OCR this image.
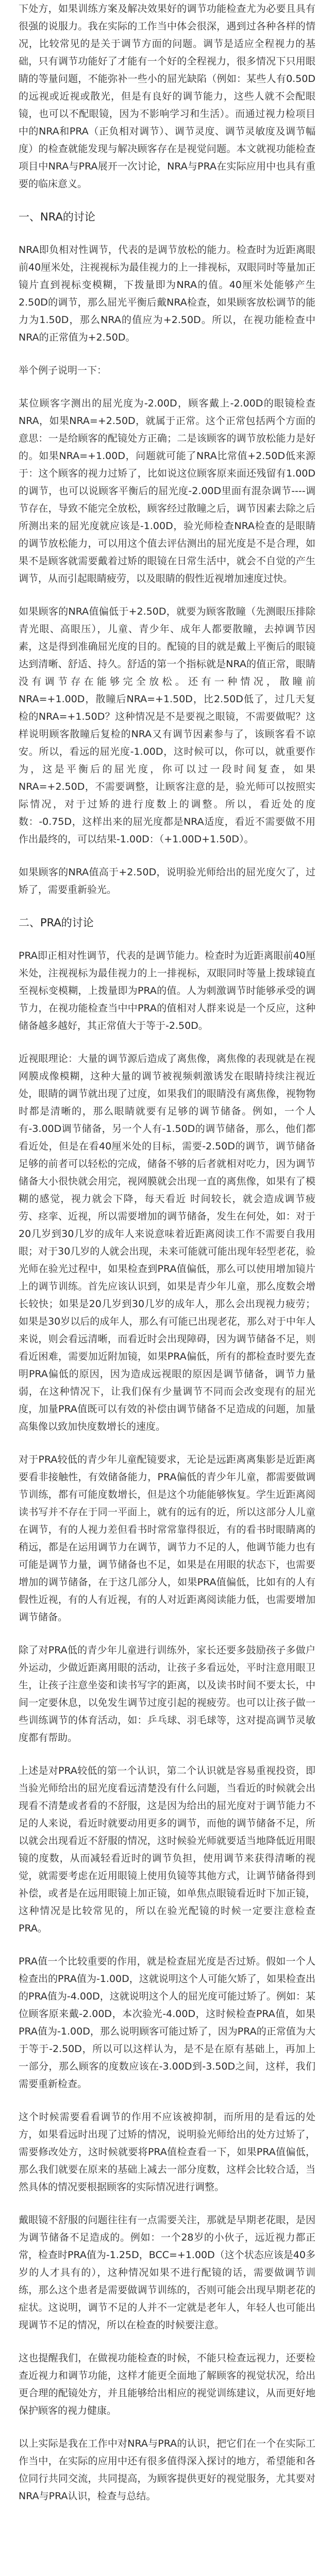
下处方，如果训练方案及解决效果好的调节功能检查尤为必要且具有很强的说服力。我在实际的工作当中体会很深，遇到过各种各样的情况，比较常见的是关于调节方面的问题。调节是适应全程视力的基础，只有调节功能好了才能有一个好的全程视力，很多情况下只用眼睛的等量问题，不能弥补一些小的屈光缺陷（例如：某些人有0.50D的远视或近视或散光，但是有良好的调节能力，这些人就不会配眼镜，也可以不配眼镜，因为不影响学习和生活）。而通过视力检项目中的NRA和PRA（正负相对调节）、调节灵度、调节灵敏度及调节幅度）的检查就能发现与解决顾客存在是视觉问题。本文就视功能检查项目中NRA与PRA展开一次讨论，NRA与PRA在实际应用中也具有重要的临床意义。

一、NRA的讨论

NRA即负相对性调节，代表的是调节放松的能力。检查时为近距离眼前40厘米处，注视视标为最佳视力的上一排视标，双眼同时等量加正镜片直到视标变模糊，下拨量即为NRA的值。40厘米处能够产生2.50D的调节，那么屈光平衡后戴NRA检查，如果顾客放松调节的能力为1.50D，那么NRA的值应为+2.50D。所以，在视功能检查中NRA的正常值为+2.50D。

举个例子说明一下：

某位顾客字测出的屈光度为-2.00D，顾客戴上-2.00D的眼镜检查NRA，如果NRA=+2.50D，就属于正常。这个正常包括两个方面的意思：一是给顾客的配镜处方正确；二是该顾客的调节放松能力是好的。如果NRA=+1.00D，问题就可能了NRA比常值+2.50D低来源于：这个顾客的视力过矫了，比如说这位顾客原来面还残留有1.00D的调节，也可以说顾客平衡后的屈光度-2.00D里面有混杂调节----调节存在，导致不能完全放松，顾客经过散瞳之后，调节因素去除之后所测出来的屈光度就应该是-1.00D，验光师检查NRA检查的是眼睛的调节放松能力，可以用这个值去评估测出的屈光度是不是合理，如果不是顾客就需要戴着过矫的眼镜在日常生活中，就会不自觉的产生调节，从而引起眼睛疲劳，以及眼睛的假性近视增加速度过快。

如果顾客的NRA值偏低于+2.50D，就要为顾客散瞳（先测眼压排除青光眼、高眼压），儿童、青少年、成年人都要散瞳，去掉调节因素，这是得到准确屈光度的目的。配镜的目的就是戴上平衡后的眼镜达到清晰、舒适、持久。舒适的第一个指标就是NRA的值正常，眼睛没有调节存在能够完全放松。还有一种情况，散瞳前NRA=+1.00D，散瞳后NRA=+1.50D，比2.50D低了，过几天复检的NRA=+1.50D？这种情况是不是要视之眼镜，不需要做呢？这样说明顾客散瞳后复检的NRA又有调节因素参与了，该顾客看不谅安。所以，看远的屈光度-1.00D，这时候可以，你可以，就重要作为，这是平衡后的屈光度，你可以过一段时间复查，如果NRA=+2.50D，不需要调整，让顾客注意的是，验光师可以按照实际情况，对于过矫的进行度数上的调整。所以，看近处的度数：-0.75D，这样出来的屈光度都是NRA适度，看近不需要做不用作出最终的，可以结果-1.00D：（+1.00D+1.50D）。

如果顾客的NRA值高于+2.50D，说明验光师给出的屈光度欠了，过矫了，需要重新验光。

二、PRA的讨论

PRA即正相对性调节，代表的是调节能力。检查时为近距离眼前40厘米处，注视视标为最佳视力的上一排视标，双眼同时等量上拨球镜直至视标变模糊，上拨量即为PRA的值。人为刺激调节时能够承受的调节力，在视功能检查当中中PRA的值相对人群来说是一个反应，这种储备越多越好，其正常值大于等于-2.50D。

近视眼理论：大量的调节源后造成了离焦像，离焦像的表现就是在视网膜成像模糊，这种大量的调节被视频刺激诱发在眼睛持续注视近处，眼睛的调节就出现了过度，如果我们的眼睛没有离焦像，视物物时都是清晰的，那么眼睛就要有足够的调节储备。例如，一个人有-3.00D调节储备，另一个人有-1.50D的调节储备，那么，他们都看近处，但是在看40厘米处的目标，需要-2.50D的调节，调节储备足够的前者可以轻松的完成，储备不够的后者就相对吃力，因为调节储备大小很快就会用完，视网膜就会出现一直的离焦像，如果有了模糊的感觉，视力就会下降，每天看近 时间较长，就会造成调节疲劳、痉挛、近视，所以需要增加的调节储备，发生在何处，如：对于20几岁到30几岁的成年人来说意味着近距离阅读工作不需要自我用眼；对于30几岁的人就会出现，未来可能就可能出现年轻型老花，验光师在验光过程中，如果检查到PRA值偏低，那么可以使用增加镜片上的调节训练。首先应该认识到，如果是青少年儿童，那么度数会增长较快；如果是20几岁到30几岁的成年人，那么会出现视力疲劳；如果是30岁以后的成年人，那么有可能已出现老花，那么对于中年人来说，则会看远清晰，而看近时会出现障碍，因为调节储备不足，则看近困难，需要加近附加镜，如果PRA偏低，所有的都检查时要先查明PRA偏低的原因，因为造成远视眼的原因是调节储备，调节力量弱，在这种情况下，让我们保有少量调节不同而会改变现有的屈光度，加量PRA值既可以有效的补偿由调节储备不足造成的问题，加量高集像以致加快度数增长的速度。

对于PRA较低的青少年儿童配镜要求，无论是远距离离集影是近距离要看非接触性，有效储备能力，PRA偏低的青少年儿童，都需要做调节训练，都有可能度数增长，但是这个功能能够恢复。学生近距离阅读书写并不存在于同一平面上，就有的远有的近，所以这部分人儿童在调节，有的人视力差但看书时常常靠得很近，有的看书时眼睛离的稍远，都是在运用调节力在调节，调节力不足的人，他调节能力也有可能是调节力量，调节储备也不足，如果是在用眼的状态下，也需要增加的调节储备，在于这几部分人，如果PRA值偏低，比如有的人有假性近视，有的人有近视，有的人对近距离阅读能力低，也需要增加调节储备。

除了对PRA低的青少年儿童进行训练外，家长还要多鼓励孩子多做户外运动，少做近距离用眼的活动，让孩子多看远处，平时注意用眼卫生，让孩子注意坐姿和读书写字的距离，以及读书时间不要太长，中间一定要休息，以免发生调节过度引起的视疲劳。也可以让孩子做一些训练调节的体育活动，如：乒乓球、羽毛球等，这对提高调节灵敏度都有帮助。

上述是对PRA较低的第一个认识，第二个认识就是容易重视投资，即当验光师给出的屈光度看远清楚没有什么问题，当看近的时候就会出现看不清楚或者看的不舒服，这是因为给出的屈光度对于调节能力不足的人来说，看近时就要动用更多的调节，而他的调节储备不足，所以就会出现看近不舒服的情况，这时候验光师就要适当地降低近用眼镜的度数，从而减轻看近时的调节负担，使用调节来获得清晰的视觉，就需要考虑在近用眼镜上使用负镜等其他方式，让调节储备得到补偿，或者是在远用眼镜上加正镜，如单焦点眼镜看近时下加正镜，这种情况是比较常见的，所以在验光配镜的时候一定要注意检查PRA。

PRA值一个比较重要的作用，就是检查屈光度是否过矫。假如一个人检查出的PRA值为-1.00D，这就说明这个人可能欠矫了，如果检查出的PRA值为-4.00D，这就说明这个人的屈光度可能过矫了。例如：某位顾客原来戴-2.00D，本次验光-4.00D，这时候检查PRA值，如果PRA值为-1.00D，那么说明顾客可能过矫了，因为PRA的正常值为大于等于-2.50D，所以可以这样认为，是不是在原有基础上，再加上一部分，那么顾客的度数应该在-3.00D到-3.50D之间，这样，我们需要重新检查。

这个时候需要看看调节的作用不应该被抑制，而所用的是看远的处方，如果看远时出现了过矫的情况，说明验光师给出的处方过矫了，需要修改处方，这时候就要将PRA值检查看一下，如果PRA值偏低，那么我们就要在原来的基础上减去一部分度数，这样会比较合适，当然具体的情况要根据顾客的实际情况进行调整。

戴眼镜不舒服的问题往往有一点需要关注，那就是早期老花眼，是因为调节储备不足造成的。例如：一个28岁的小伙子，远近视力都正常，检查时PRA值为-1.25D，BCC=+1.00D（这个状态应该是40多岁的人才具有的），这种情况如果不进行配镜的话，需要做调节训练，那么这个患者是需要做调节训练的，否则可能会出现早期老花的症状。这说明，调节不足的人并不一定就是老年人，年轻人也可能出现调节不足的情况，所以在检查的时候要注意。

这也提醒我们，在做视功能检查的时候，不能只检查远视力，还要检查近视力和调节功能，这样才能更全面地了解顾客的视觉状况，给出更合理的配镜处方，并且能够给出相应的视觉训练建议，从而更好地保护顾客的视力健康。

以上实际是我在工作中对NRA与PRA的认识，把它们在一个在实际工作当中，在实际的应用中还有很多值得深入探讨的地方，希望能和各位同行共同交流，共同提高，为顾客提供更好的视觉服务，尤其要对NRA与PRA认识，检查与总结。
